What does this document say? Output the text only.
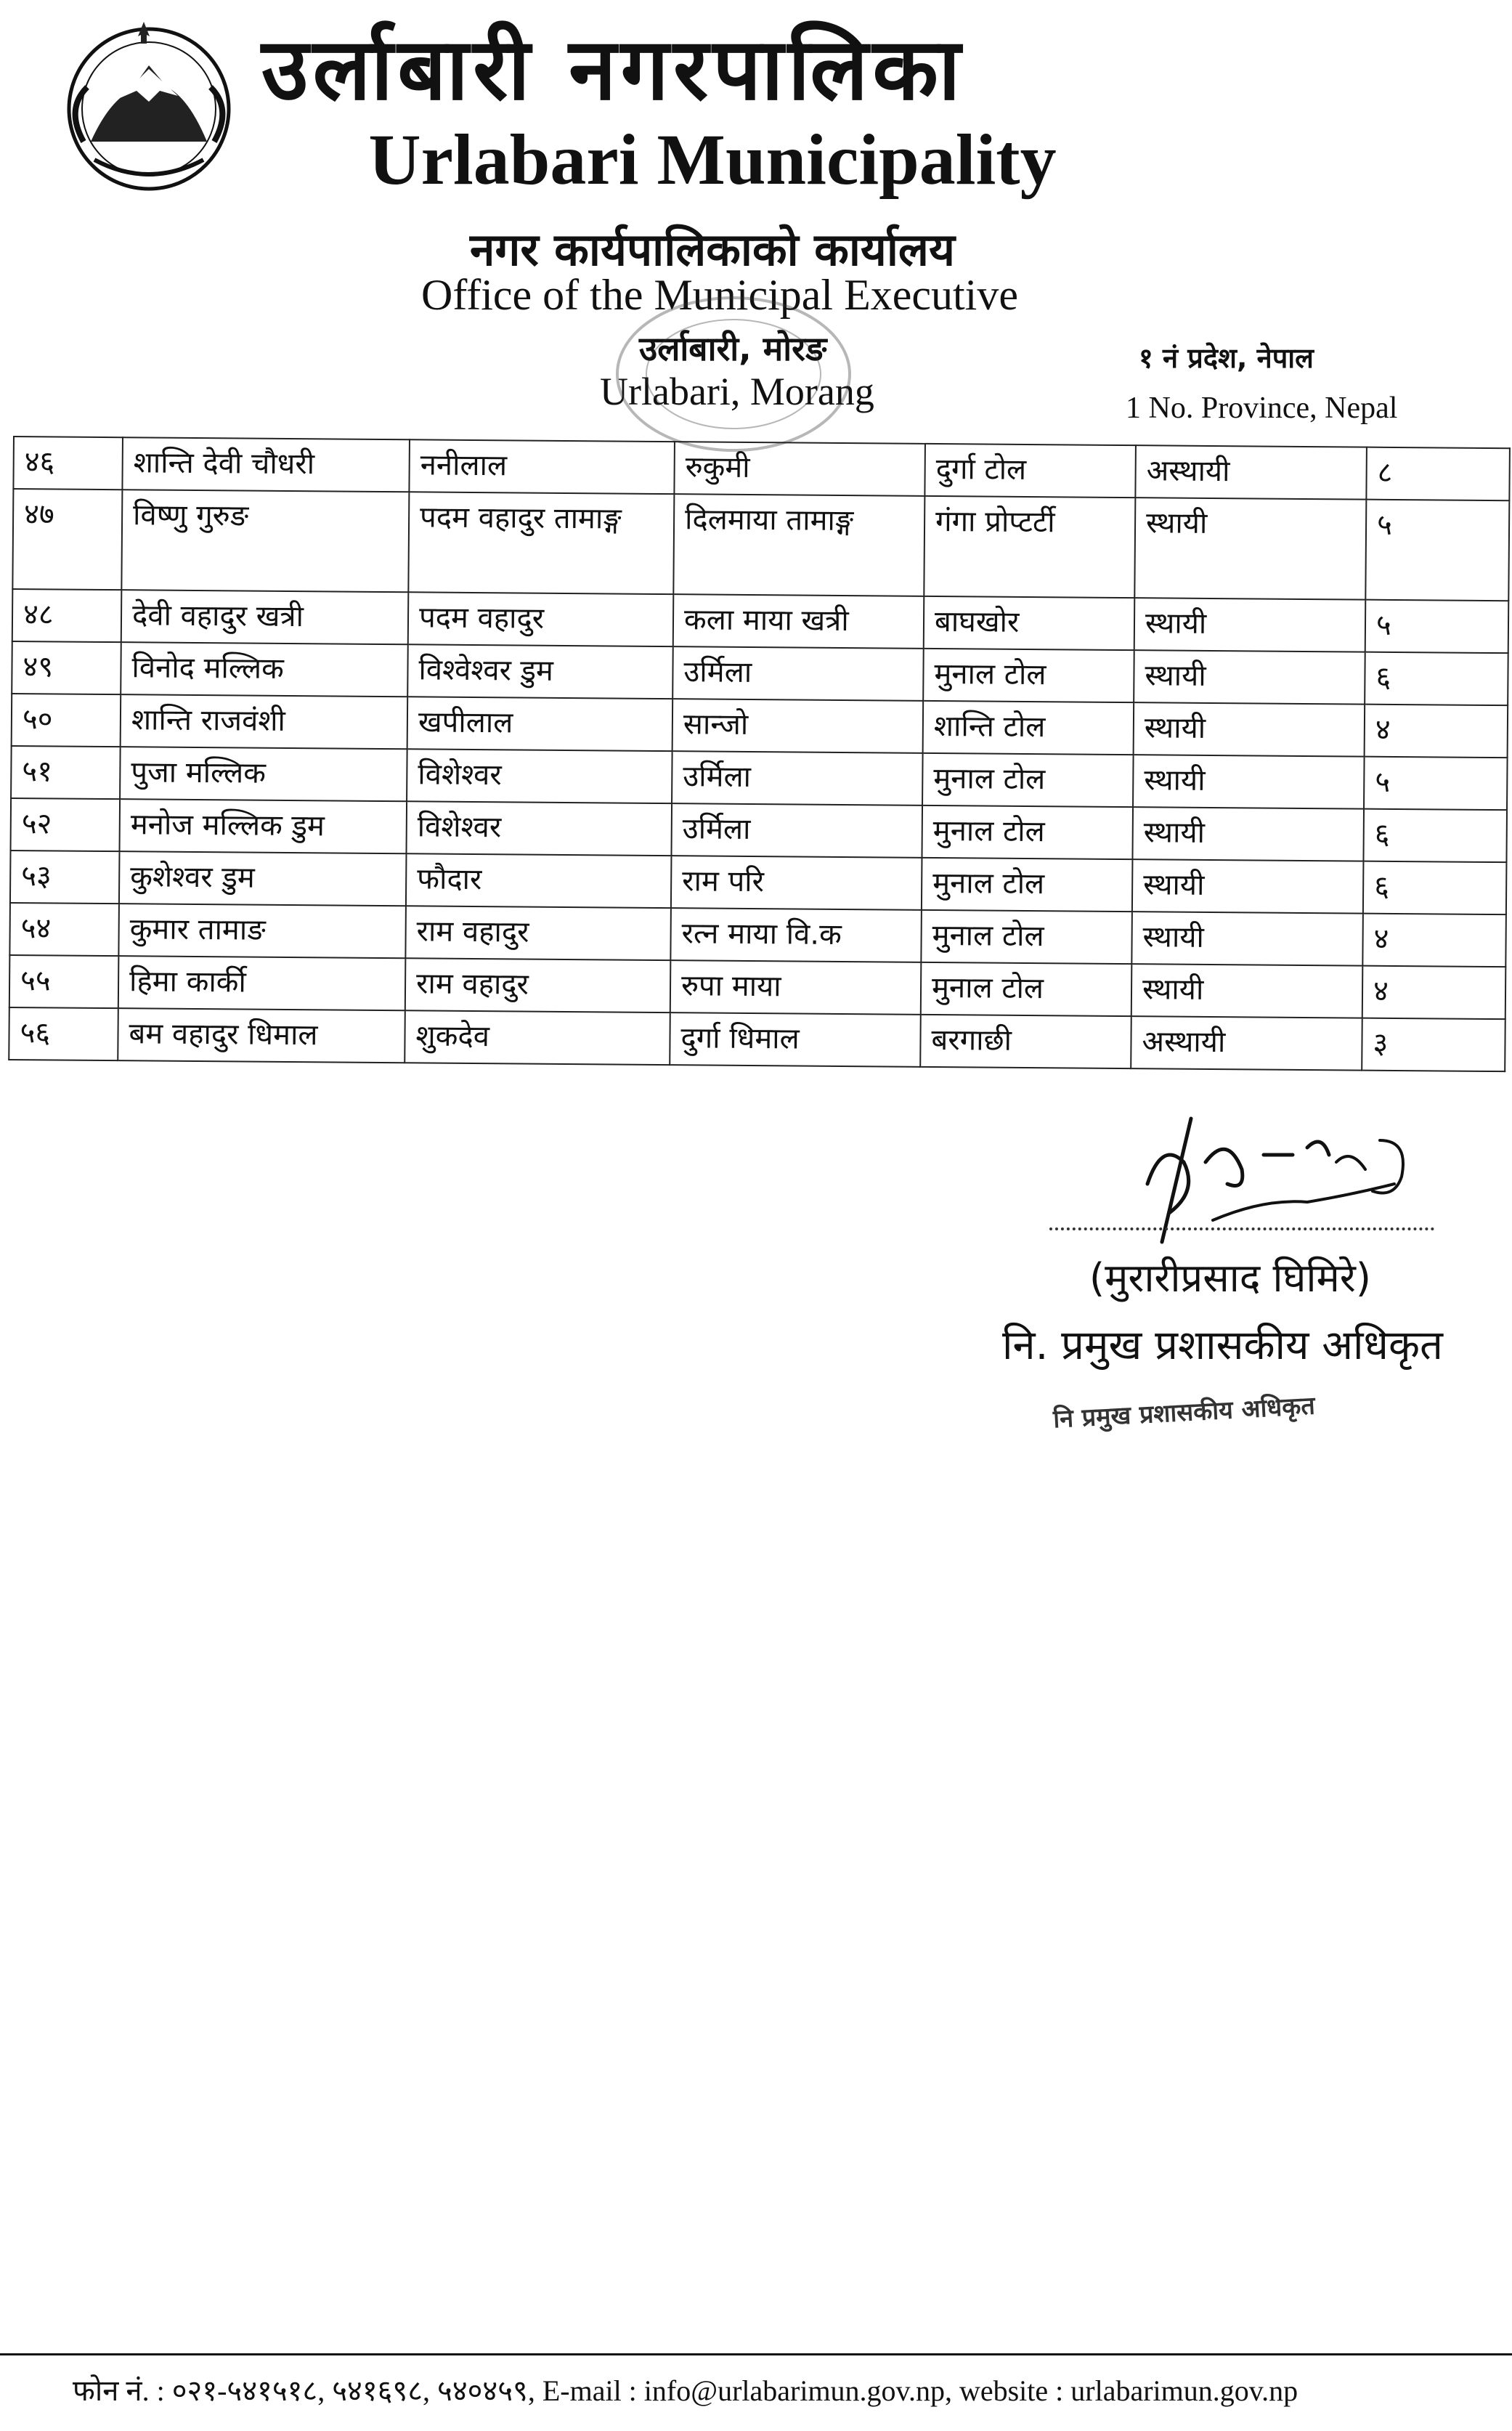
उर्लाबारी नगरपालिका
Urlabari Municipality
नगर कार्यपालिकाको कार्यालय
Office of the Municipal Executive
उर्लाबारी, मोरङ
Urlabari, Morang
१ नं प्रदेश, नेपाल
1 No. Province, Nepal
४६	शान्ति देवी चौधरी	ननीलाल	रुकुमी	दुर्गा टोल	अस्थायी	८
४७	विष्णु गुरुङ	पदम वहादुर तामाङ्ग	दिलमाया तामाङ्ग	गंगा प्रोप्टर्टी	स्थायी	५
४८	देवी वहादुर खत्री	पदम वहादुर	कला माया खत्री	बाघखोर	स्थायी	५
४९	विनोद मल्लिक	विश्वेश्वर डुम	उर्मिला	मुनाल टोल	स्थायी	६
५०	शान्ति राजवंशी	खपीलाल	सान्जो	शान्ति टोल	स्थायी	४
५१	पुजा मल्लिक	विशेश्वर	उर्मिला	मुनाल टोल	स्थायी	५
५२	मनोज मल्लिक डुम	विशेश्वर	उर्मिला	मुनाल टोल	स्थायी	६
५३	कुशेश्वर डुम	फौदार	राम परि	मुनाल टोल	स्थायी	६
५४	कुमार तामाङ	राम वहादुर	रत्न माया वि.क	मुनाल टोल	स्थायी	४
५५	हिमा कार्की	राम वहादुर	रुपा माया	मुनाल टोल	स्थायी	४
५६	बम वहादुर धिमाल	शुकदेव	दुर्गा धिमाल	बरगाछी	अस्थायी	३
(मुरारीप्रसाद घिमिरे)
नि. प्रमुख प्रशासकीय अधिकृत
नि प्रमुख प्रशासकीय अधिकृत
फोन नं. : ०२१-५४१५१८, ५४१६९८, ५४०४५९, E-mail : info@urlabarimun.gov.np, website : urlabarimun.gov.np
